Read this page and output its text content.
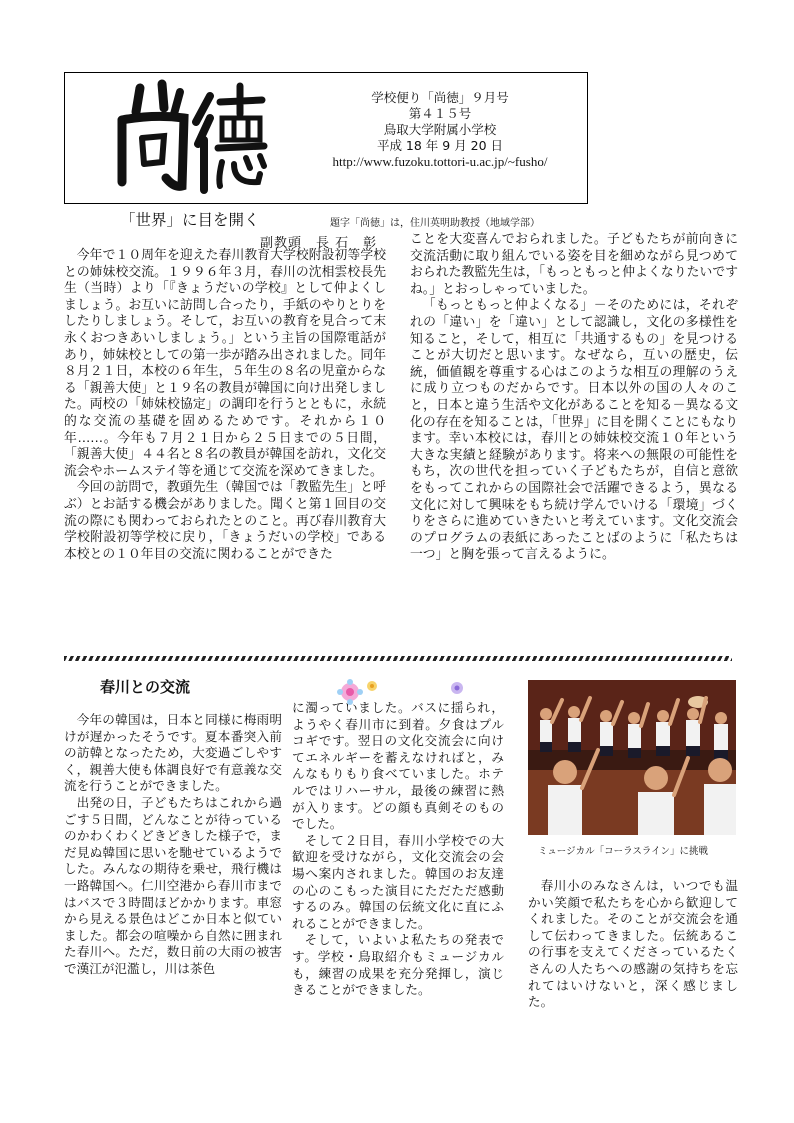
尚徳
学校便り「尚徳」９月号
第４１５号
鳥取大学附属小学校
平成 18 年 9 月 20 日
http://www.fuzoku.tottori-u.ac.jp/~fusho/
題字「尚徳」は，住川英明助教授（地域学部）
「世界」に目を開く
副教頭　長 石　彰

今年で１０周年を迎えた春川教育大学校附設初等学校との姉妹校交流。１９９６年３月，春川の沈相雲校長先生（当時）より「『きょうだいの学校』として仲よくしましょう。お互いに訪問し合ったり，手紙のやりとりをしたりしましょう。そして，お互いの教育を見合って末永くおつきあいしましょう。」という主旨の国際電話があり，姉妹校としての第一歩が踏み出されました。同年８月２１日，本校の６年生，５年生の８名の児童からなる「親善大使」と１９名の教員が韓国に向け出発しました。両校の「姉妹校協定」の調印を行うとともに，永続的な交流の基礎を固めるためです。それから１０年……。今年も７月２１日から２５日までの５日間，「親善大使」４４名と８名の教員が韓国を訪れ，文化交流会やホームステイ等を通じて交流を深めてきました。

今回の訪問で，教頭先生（韓国では「教監先生」と呼ぶ）とお話する機会がありました。聞くと第１回目の交流の際にも関わっておられたとのこと。再び春川教育大学校附設初等学校に戻り，「きょうだいの学校」である本校との１０年目の交流に関わることができた

ことを大変喜んでおられました。子どもたちが前向きに交流活動に取り組んでいる姿を目を細めながら見つめておられた教監先生は，「もっともっと仲よくなりたいですね。」とおっしゃっていました。

「もっともっと仲よくなる」－そのためには，それぞれの「違い」を「違い」として認識し，文化の多様性を知ること，そして，相互に「共通するもの」を見つけることが大切だと思います。なぜなら，互いの歴史，伝統，価値観を尊重する心はこのような相互の理解のうえに成り立つものだからです。日本以外の国の人々のこと，日本と違う生活や文化があることを知る－異なる文化の存在を知ることは，「世界」に目を開くことにもなります。幸い本校には，春川との姉妹校交流１０年という大きな実績と経験があります。将来への無限の可能性をもち，次の世代を担っていく子どもたちが，自信と意欲をもってこれからの国際社会で活躍できるよう，異なる文化に対して興味をもち続け学んでいける「環境」づくりをさらに進めていきたいと考えています。文化交流会のプログラムの表紙にあったことばのように「私たちは一つ」と胸を張って言えるように。

春川との交流
ミュージカル「コーラスライン」に挑戦

今年の韓国は，日本と同様に梅雨明けが遅かったそうです。夏本番突入前の訪韓となったため，大変過ごしやすく，親善大使も体調良好で有意義な交流を行うことができました。

出発の日，子どもたちはこれから過ごす５日間，どんなことが待っているのかわくわくどきどきした様子で，まだ見ぬ韓国に思いを馳せているようでした。みんなの期待を乗せ，飛行機は一路韓国へ。仁川空港から春川市まではバスで３時間ほどかかります。車窓から見える景色はどこか日本と似ていました。都会の喧噪から自然に囲まれた春川へ。ただ，数日前の大雨の被害で漢江が氾濫し，川は茶色

に濁っていました。バスに揺られ，ようやく春川市に到着。夕食はプルコギです。翌日の文化交流会に向けてエネルギーを蓄えなければと，みんなもりもり食べていました。ホテルではリハーサル，最後の練習に熱が入ります。どの顔も真剣そのものでした。

そして２日目，春川小学校での大歓迎を受けながら，文化交流会の会場へ案内されました。韓国のお友達の心のこもった演目にただただ感動するのみ。韓国の伝統文化に直にふれることができました。

そして，いよいよ私たちの発表です。学校・鳥取紹介もミュージカルも，練習の成果を充分発揮し，演じきることができました。

春川小のみなさんは，いつでも温かい笑顔で私たちを心から歓迎してくれました。そのことが交流会を通して伝わってきました。伝統あるこの行事を支えてくださっているたくさんの人たちへの感謝の気持ちを忘れてはいけないと，深く感じました。
